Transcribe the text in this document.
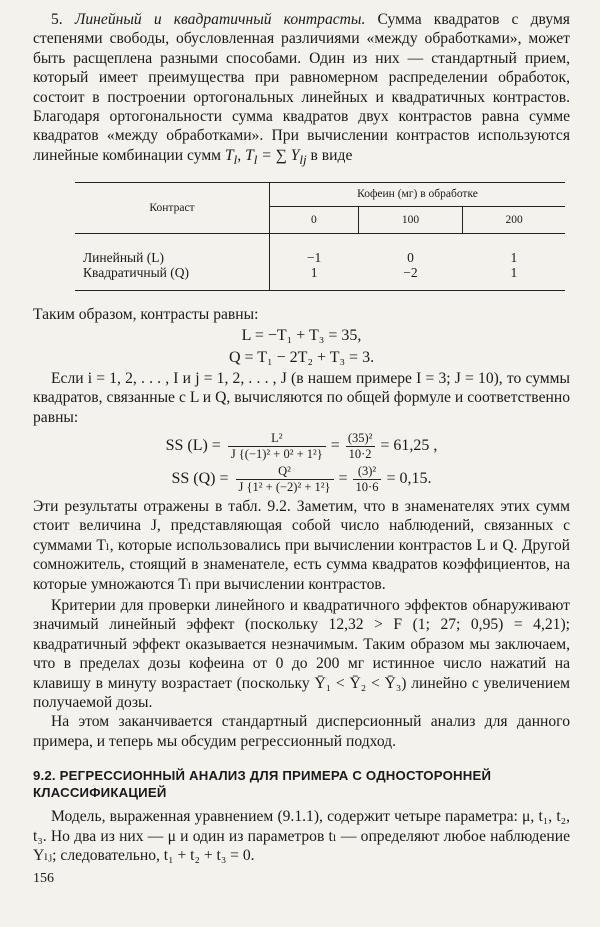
5. Линейный и квадратичный контрасты. Сумма квадратов с двумя степенями свободы, обусловленная различиями «между обработками», может быть расщеплена разными способами. Один из них — стандартный прием, который имеет преимущества при равномерном распределении обработок, состоит в построении ортогональных линейных и квадратичных контрастов. Благодаря ортогональности сумма квадратов двух контрастов равна сумме квадратов «между обработками». При вычислении контрастов используются линейные комбинации сумм $T_l$, $T_l$ = ∑ $Y_{lj}$ в виде

Контраст	Кофеин (мг) в обработке		
	0	100	200
Линейный (L)	−1	0	1
Квадратичный (Q)	1	−2	1

Таким образом, контрасты равны:

L = −T₁ + T₃ = 35,
Q = T₁ − 2T₂ + T₃ = 3.

Если i = 1, 2, . . . , I и j = 1, 2, . . . , J (в нашем примере I = 3; J = 10), то суммы квадратов, связанные с L и Q, вычисляются по общей формуле и соответственно равны:

SS $(L) = \frac{\text{L²}}{\text{J \{(−1)² + 0² + 1²\}}} = \frac{\text{(35)²}}{10\cdot 2} = 61,25$ ,
SS $(Q) = \frac{\text{Q²}}{\text{J \{1² + (−2)² + 1²\}}} = \frac{\text{(3)²}}{10\cdot 6} = 0,15$.

Эти результаты отражены в табл. 9.2. Заметим, что в знаменателях этих сумм стоит величина J, представляющая собой число наблюдений, связанных с суммами Tₗ, которые использовались при вычислении контрастов L и Q. Другой сомножитель, стоящий в знаменателе, есть сумма квадратов коэффициентов, на которые умножаются Tₗ при вычислении контрастов.

Критерии для проверки линейного и квадратичного эффектов обнаруживают значимый линейный эффект (поскольку 12,32 > F (1; 27; 0,95) = 4,21); квадратичный эффект оказывается незначимым. Таким образом мы заключаем, что в пределах дозы кофеина от 0 до 200 мг истинное число нажатий на клавишу в минуту возрастает (поскольку Ȳ₁ < Ȳ₂ < Ȳ₃) линейно с увеличением получаемой дозы.

На этом заканчивается стандартный дисперсионный анализ для данного примера, и теперь мы обсудим регрессионный подход.

9.2. РЕГРЕССИОННЫЙ АНАЛИЗ ДЛЯ ПРИМЕРА С ОДНОСТОРОННЕЙ КЛАССИФИКАЦИЕЙ

Модель, выраженная уравнением (9.1.1), содержит четыре параметра: μ, t₁, t₂, t₃. Но два из них — μ и один из параметров tₗ — определяют любое наблюдение Yₗⱼ; следовательно, t₁ + t₂ + t₃ = 0.

156
